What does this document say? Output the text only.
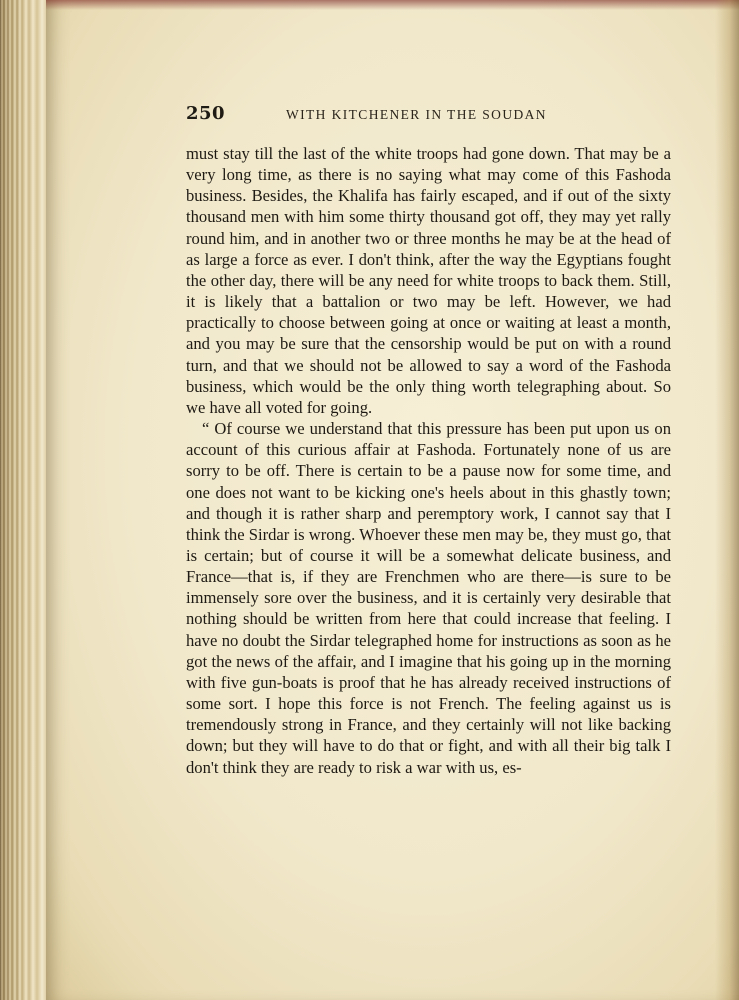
250	WITH KITCHENER IN THE SOUDAN

must stay till the last of the white troops had gone down. That may be a very long time, as there is no saying what may come of this Fashoda business. Besides, the Khalifa has fairly escaped, and if out of the sixty thousand men with him some thirty thousand got off, they may yet rally round him, and in another two or three months he may be at the head of as large a force as ever. I don't think, after the way the Egyptians fought the other day, there will be any need for white troops to back them. Still, it is likely that a battalion or two may be left. However, we had practically to choose between going at once or waiting at least a month, and you may be sure that the censorship would be put on with a round turn, and that we should not be allowed to say a word of the Fashoda business, which would be the only thing worth telegraphing about. So we have all voted for going.

“ Of course we understand that this pressure has been put upon us on account of this curious affair at Fashoda. Fortunately none of us are sorry to be off. There is certain to be a pause now for some time, and one does not want to be kicking one's heels about in this ghastly town; and though it is rather sharp and peremptory work, I cannot say that I think the Sirdar is wrong. Whoever these men may be, they must go, that is certain; but of course it will be a somewhat delicate business, and France—that is, if they are Frenchmen who are there—is sure to be immensely sore over the business, and it is certainly very desirable that nothing should be written from here that could increase that feeling. I have no doubt the Sirdar telegraphed home for instructions as soon as he got the news of the affair, and I imagine that his going up in the morning with five gun-boats is proof that he has already received instructions of some sort. I hope this force is not French. The feeling against us is tremendously strong in France, and they certainly will not like backing down; but they will have to do that or fight, and with all their big talk I don't think they are ready to risk a war with us, es-
